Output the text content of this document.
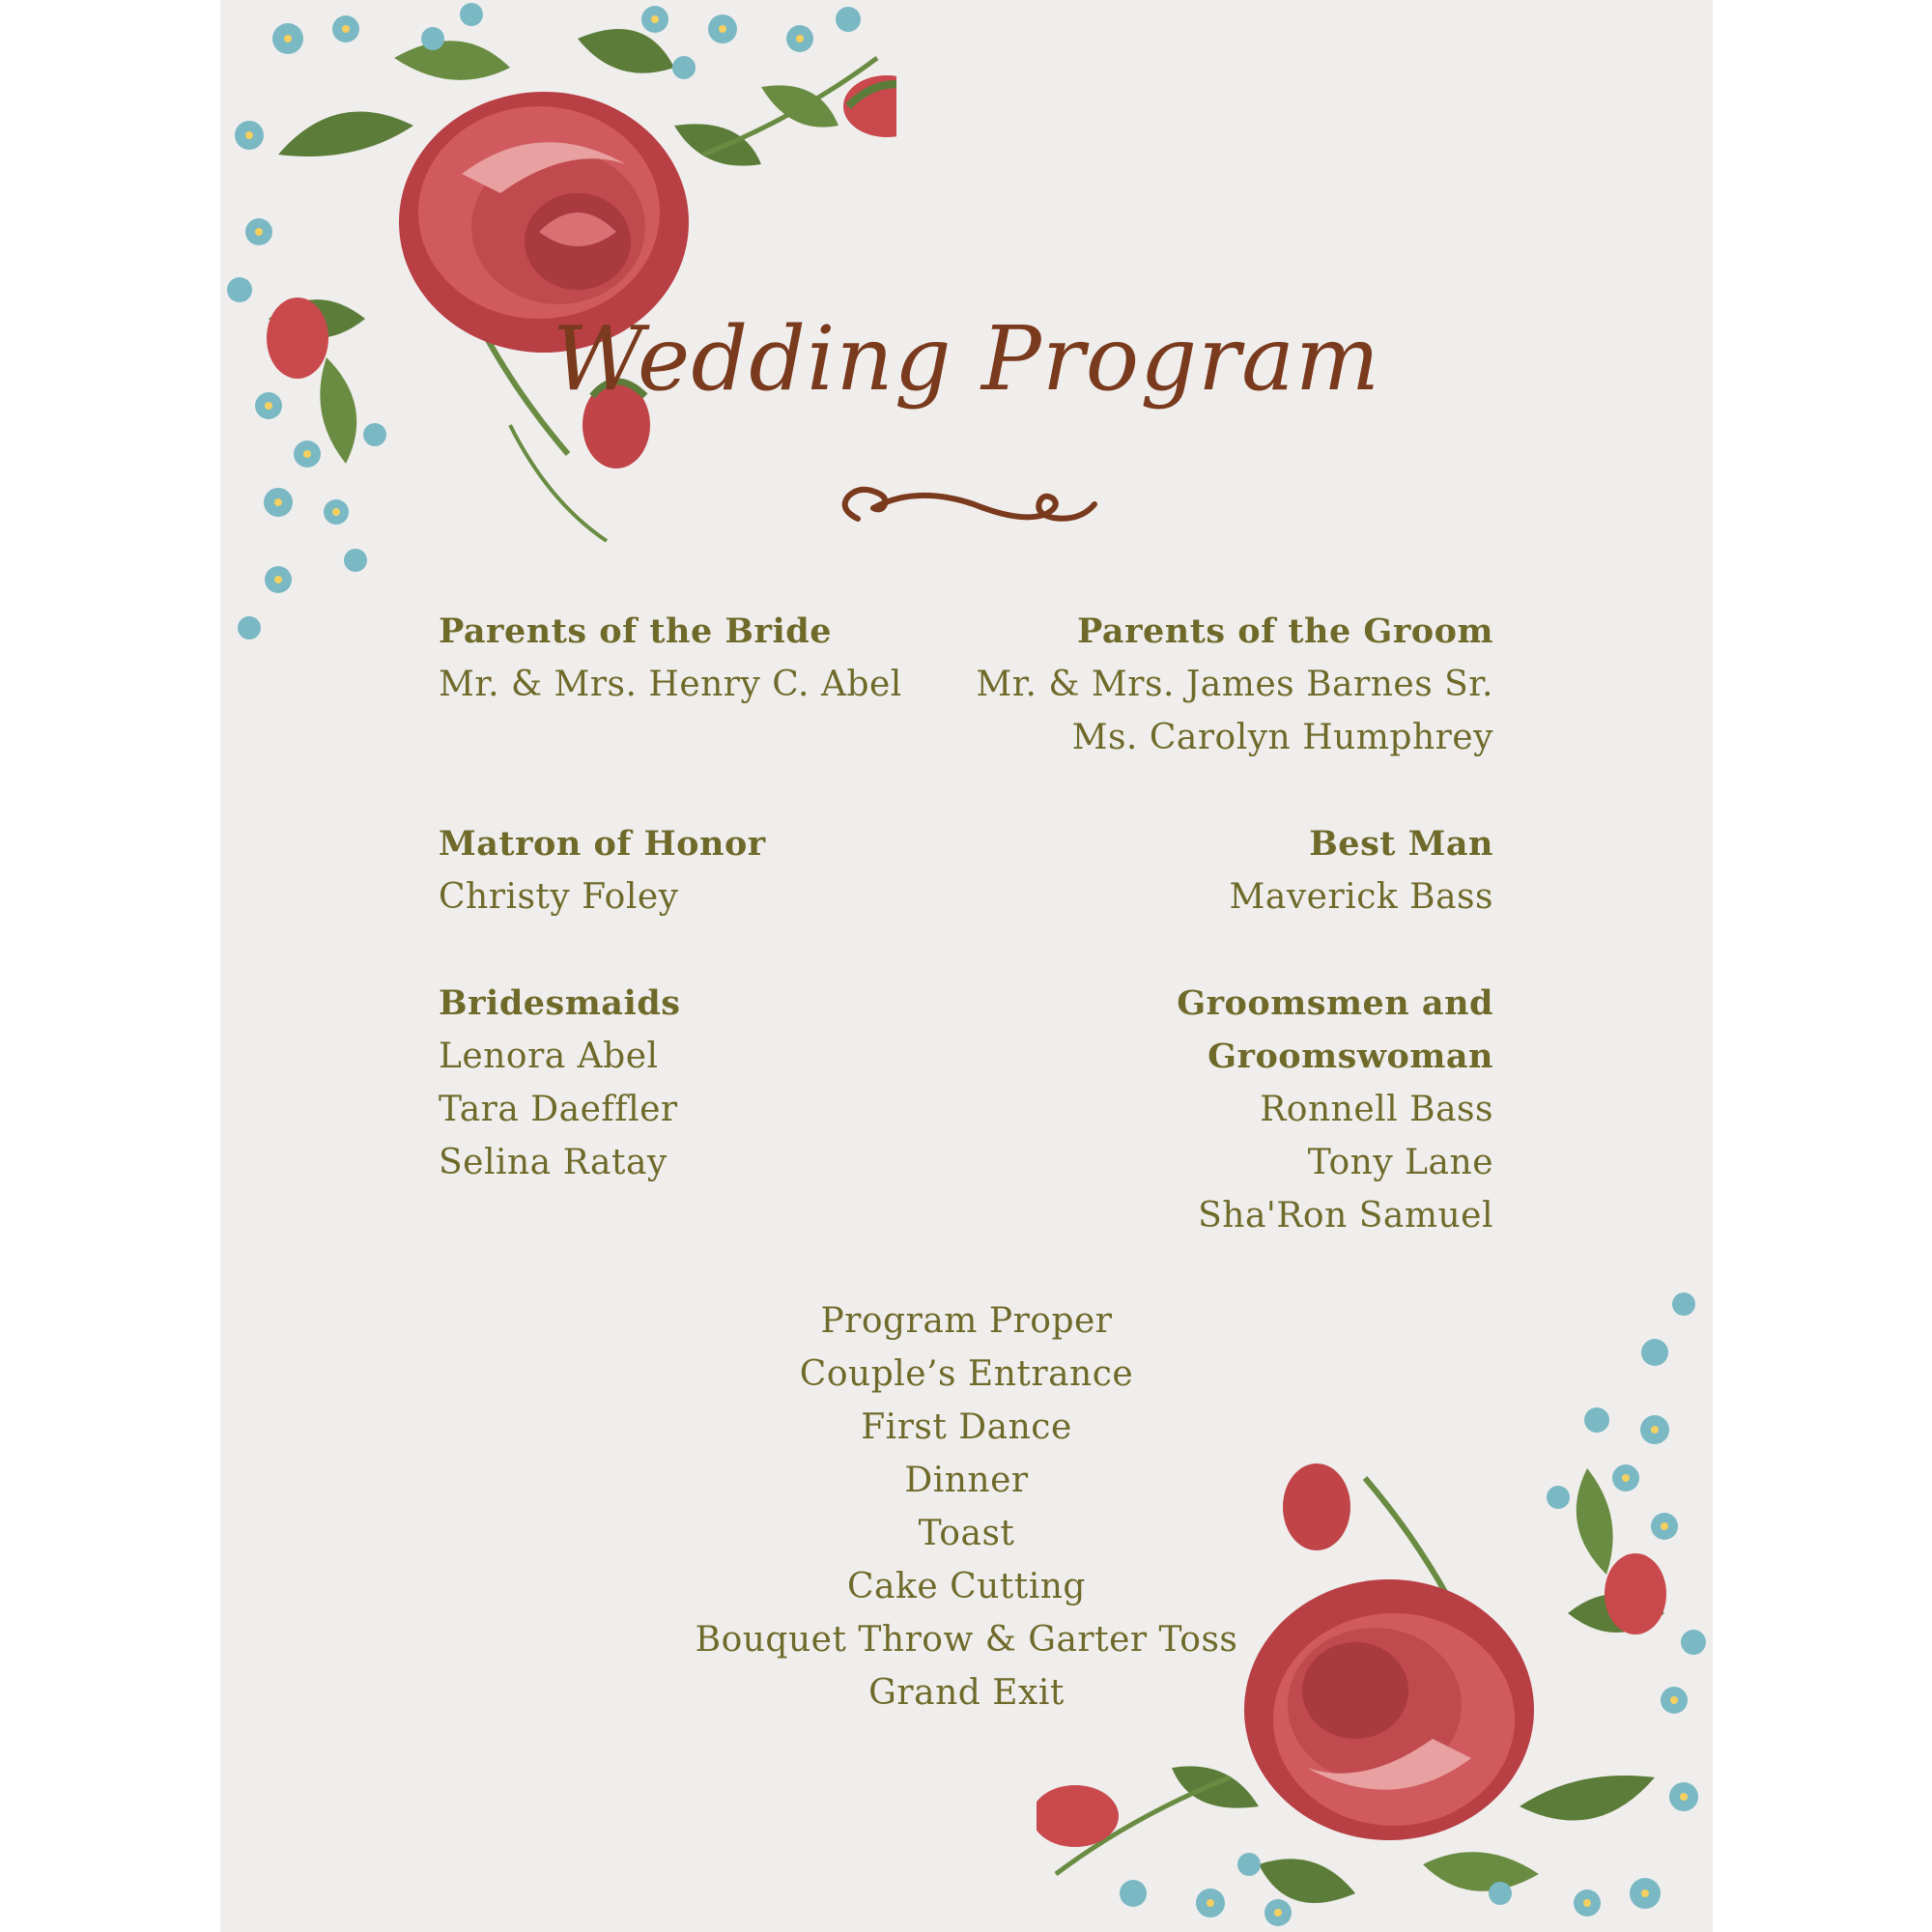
Wedding Program
Parents of the Bride
Mr. & Mrs. Henry C. Abel
Parents of the Groom
Mr. & Mrs. James Barnes Sr.
Ms. Carolyn Humphrey
Matron of Honor
Christy Foley
Best Man
Maverick Bass
Bridesmaids
Lenora Abel
Tara Daeffler
Selina Ratay
Groomsmen and Groomswoman
Ronnell Bass
Tony Lane
Sha'Ron Samuel
Program Proper
Couple’s Entrance
First Dance
Dinner
Toast
Cake Cutting
Bouquet Throw & Garter Toss
Grand Exit
